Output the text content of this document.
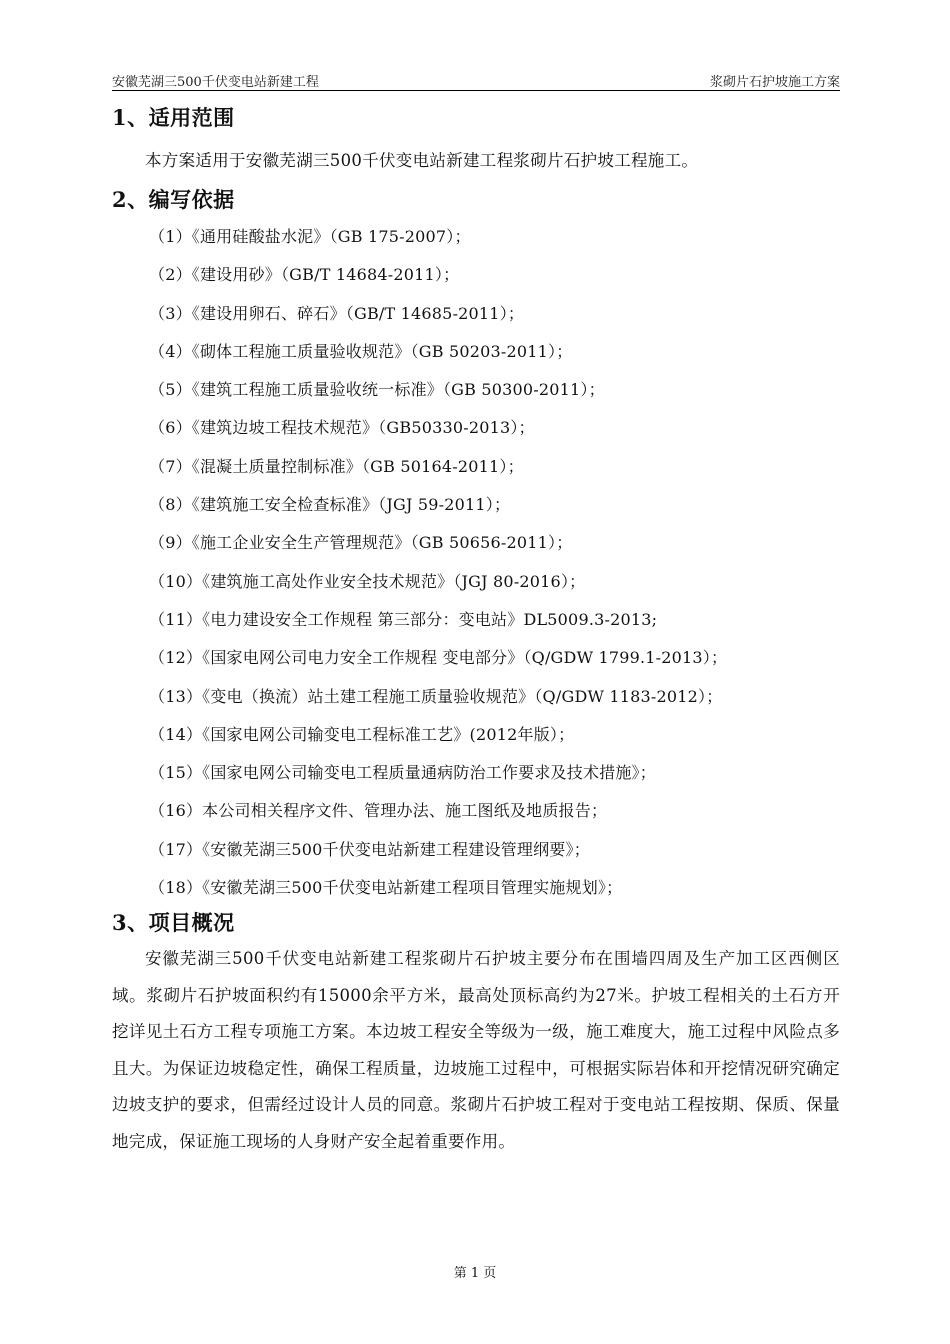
安徽芜湖三500千伏变电站新建工程	浆砌片石护坡施工方案
1、适用范围

本方案适用于安徽芜湖三500千伏变电站新建工程浆砌片石护坡工程施工。

2、编写依据
（1）《通用硅酸盐水泥》（GB 175-2007）；
（2）《建设用砂》（GB/T 14684-2011）；
（3）《建设用卵石、碎石》（GB/T 14685-2011）；
（4）《砌体工程施工质量验收规范》（GB 50203-2011）；
（5）《建筑工程施工质量验收统一标准》（GB 50300-2011）；
（6）《建筑边坡工程技术规范》（GB50330-2013）；
（7）《混凝土质量控制标准》（GB 50164-2011）；
（8）《建筑施工安全检查标准》（JGJ 59-2011）；
（9）《施工企业安全生产管理规范》（GB 50656-2011）；
（10）《建筑施工高处作业安全技术规范》（JGJ 80-2016）；
（11）《电力建设安全工作规程 第三部分：变电站》DL5009.3-2013;
（12）《国家电网公司电力安全工作规程 变电部分》（Q/GDW 1799.1-2013）；
（13）《变电（换流）站土建工程施工质量验收规范》（Q/GDW 1183-2012）；
（14）《国家电网公司输变电工程标准工艺》(2012年版）；
（15）《国家电网公司输变电工程质量通病防治工作要求及技术措施》；
（16）本公司相关程序文件、管理办法、施工图纸及地质报告；
（17）《安徽芜湖三500千伏变电站新建工程建设管理纲要》；
（18）《安徽芜湖三500千伏变电站新建工程项目管理实施规划》；
3、项目概况

安徽芜湖三500千伏变电站新建工程浆砌片石护坡主要分布在围墙四周及生产加工区西侧区域。浆砌片石护坡面积约有15000余平方米，最高处顶标高约为27米。护坡工程相关的土石方开挖详见土石方工程专项施工方案。本边坡工程安全等级为一级，施工难度大，施工过程中风险点多且大。为保证边坡稳定性，确保工程质量，边坡施工过程中，可根据实际岩体和开挖情况研究确定边坡支护的要求，但需经过设计人员的同意。浆砌片石护坡工程对于变电站工程按期、保质、保量地完成，保证施工现场的人身财产安全起着重要作用。

第 1 页
